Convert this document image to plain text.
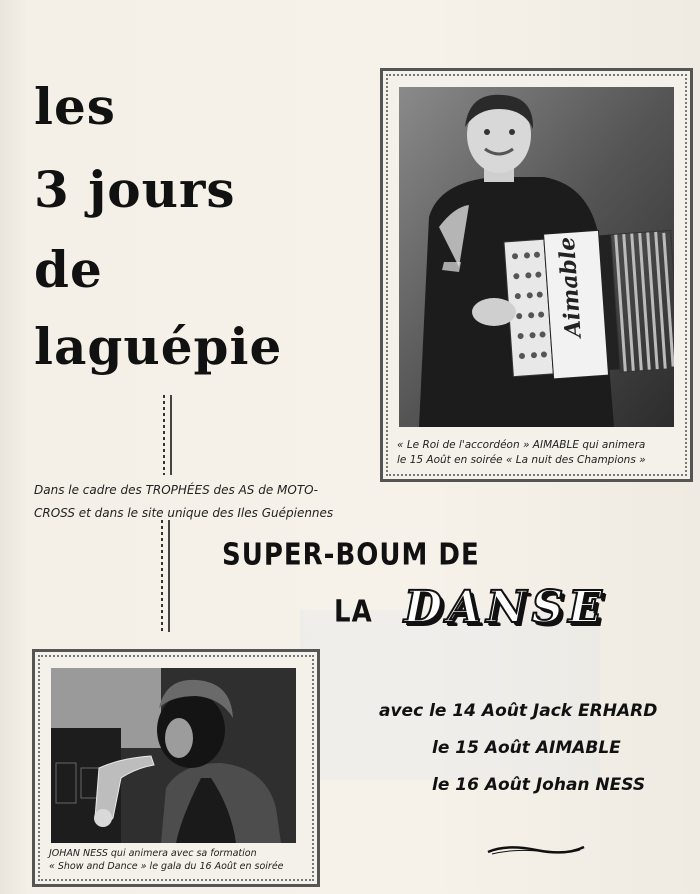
les
3 jours
de
laguépie
Aimable
« Le Roi de l'accordéon » AIMABLE qui animera
le 15 Août en soirée « La nuit des Champions »
Dans le cadre des TROPHÉES des AS de MOTO-
CROSS et dans le site unique des Iles Guépiennes
SUPER-BOUM DE
LA DANSE
JOHAN NESS qui animera avec sa formation
« Show and Dance » le gala du 16 Août en soirée
avec le 14 Août Jack ERHARD
le 15 Août AIMABLE
le 16 Août Johan NESS
